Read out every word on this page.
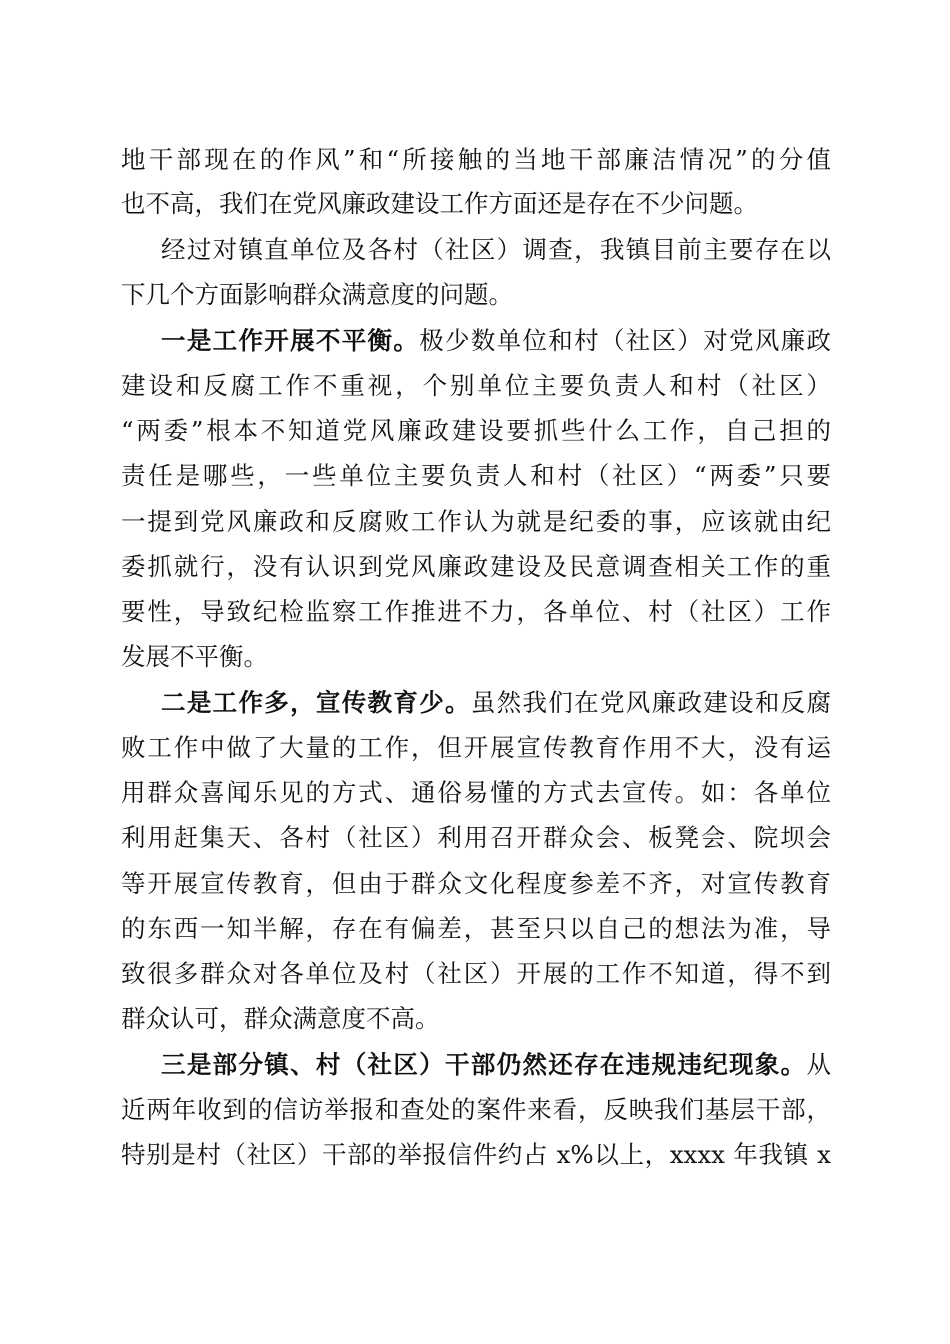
地干部现在的作风”和“所接触的当地干部廉洁情况”的分值
也不高，我们在党风廉政建设工作方面还是存在不少问题。
经过对镇直单位及各村（社区）调查，我镇目前主要存在以
下几个方面影响群众满意度的问题。
一是工作开展不平衡。极少数单位和村（社区）对党风廉政
建设和反腐工作不重视，个别单位主要负责人和村（社区）
“两委”根本不知道党风廉政建设要抓些什么工作，自己担的
责任是哪些，一些单位主要负责人和村（社区）“两委”只要
一提到党风廉政和反腐败工作认为就是纪委的事，应该就由纪
委抓就行，没有认识到党风廉政建设及民意调查相关工作的重
要性，导致纪检监察工作推进不力，各单位、村（社区）工作
发展不平衡。
二是工作多，宣传教育少。虽然我们在党风廉政建设和反腐
败工作中做了大量的工作，但开展宣传教育作用不大，没有运
用群众喜闻乐见的方式、通俗易懂的方式去宣传。如：各单位
利用赶集天、各村（社区）利用召开群众会、板凳会、院坝会
等开展宣传教育，但由于群众文化程度参差不齐，对宣传教育
的东西一知半解，存在有偏差，甚至只以自己的想法为准，导
致很多群众对各单位及村（社区）开展的工作不知道，得不到
群众认可，群众满意度不高。
三是部分镇、村（社区）干部仍然还存在违规违纪现象。从
近两年收到的信访举报和查处的案件来看，反映我们基层干部，
特别是村（社区）干部的举报信件约占 x%以上，xxxx 年我镇 x
